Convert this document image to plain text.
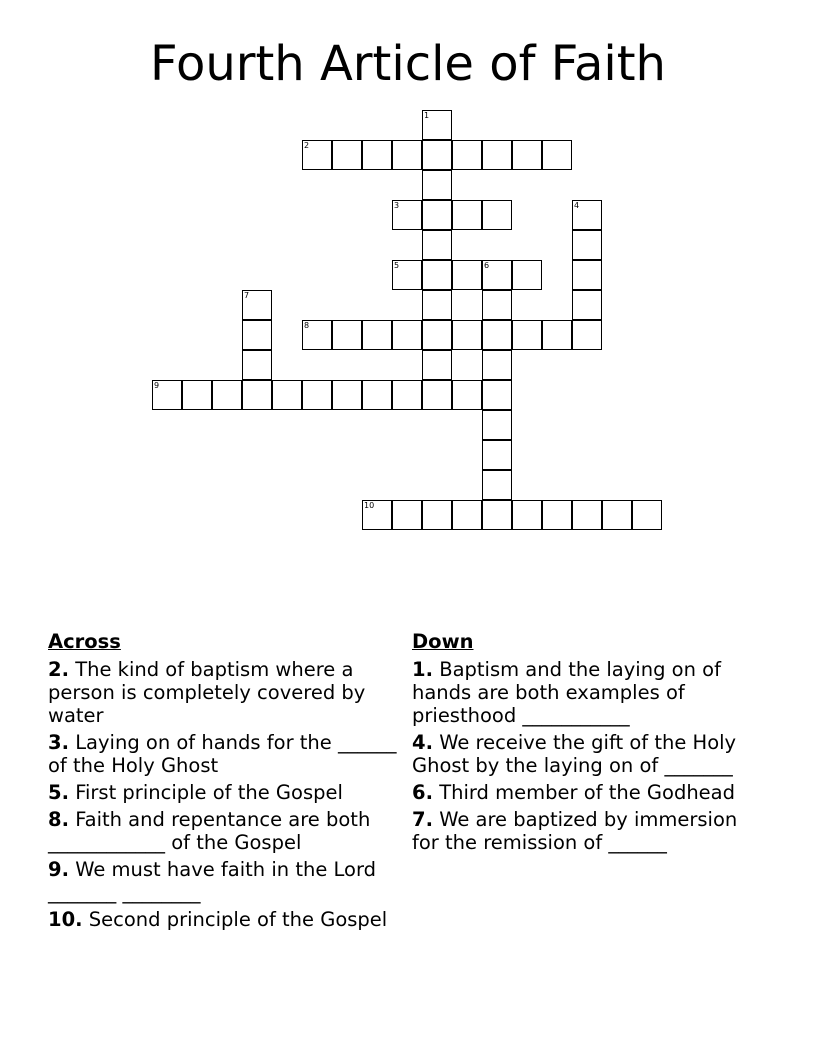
Fourth Article of Faith
2
3
5	6
8
9
10
1
4
7
Across
2. The kind of baptism where a person is completely covered by water
3. Laying on of hands for the ______ of the Holy Ghost
5. First principle of the Gospel
8. Faith and repentance are both ____________ of the Gospel
9. We must have faith in the Lord _______ ________
10. Second principle of the Gospel
Down
1. Baptism and the laying on of hands are both examples of priesthood ___________
4. We receive the gift of the Holy Ghost by the laying on of _______
6. Third member of the Godhead
7. We are baptized by immersion for the remission of ______
